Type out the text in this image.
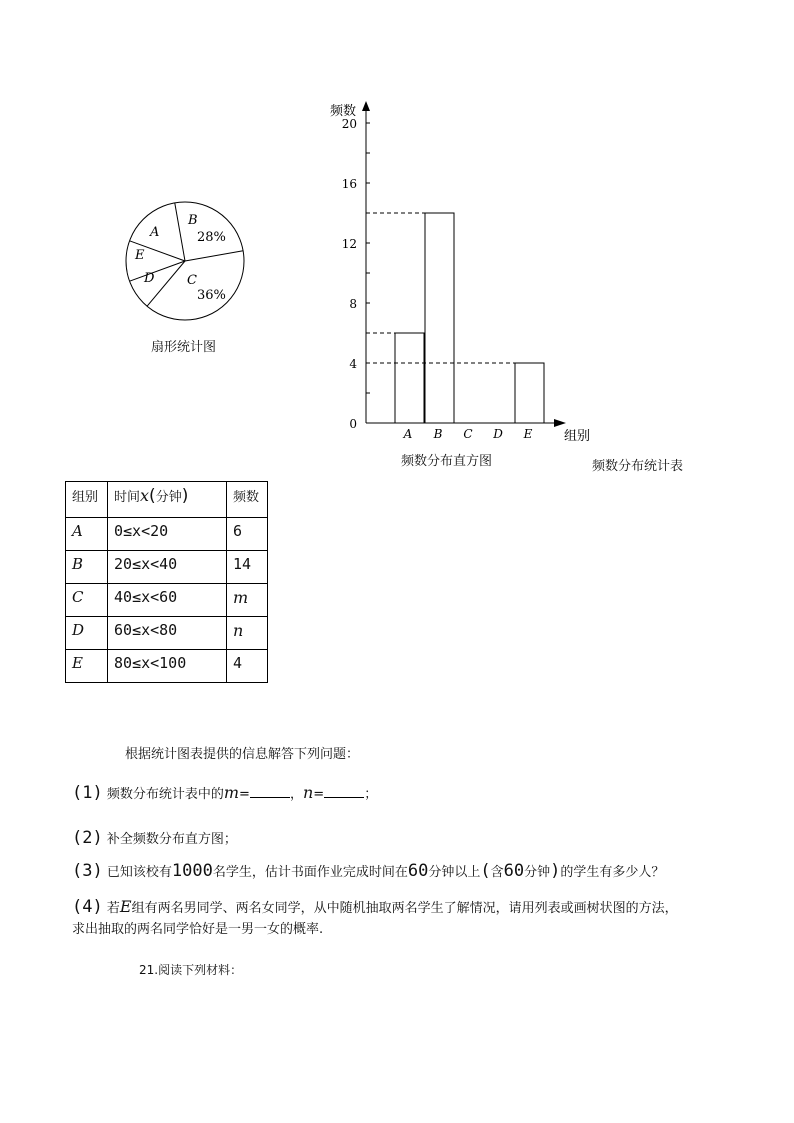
A
B
28%
E
D	C
36%
扇形统计图
0
4
8
12
16
20
频数
组别
A B C D E
频数分布直方图	频数分布统计表
组别	时间x(分钟)	频数
A	0≤x<20	6
B	20≤x<40	14
C	40≤x<60	m
D	60≤x<80	n
E	80≤x<100	4
根据统计图表提供的信息解答下列问题：
(1) 频数分布统计表中的m=	，n=	；
(2) 补全频数分布直方图；
(3) 已知该校有1000名学生，估计书面作业完成时间在60分钟以上(含60分钟)的学生有多少人？
(4) 若E组有两名男同学、两名女同学，从中随机抽取两名学生了解情况，请用列表或画树状图的方法，
求出抽取的两名同学恰好是一男一女的概率.
21.阅读下列材料：
